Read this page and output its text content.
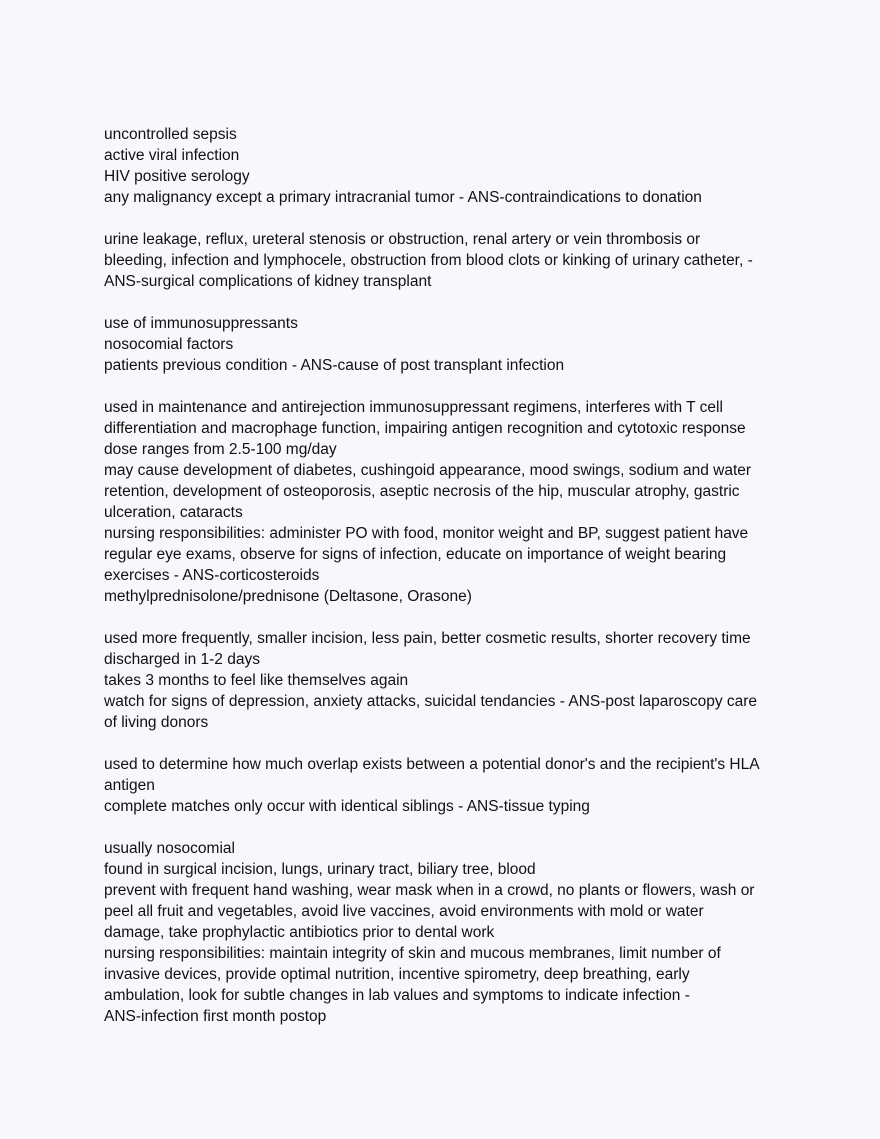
uncontrolled sepsis
active viral infection
HIV positive serology
any malignancy except a primary intracranial tumor - ANS-contraindications to donation
urine leakage, reflux, ureteral stenosis or obstruction, renal artery or vein thrombosis or
bleeding, infection and lymphocele, obstruction from blood clots or kinking of urinary catheter, -
ANS-surgical complications of kidney transplant
use of immunosuppressants
nosocomial factors
patients previous condition - ANS-cause of post transplant infection
used in maintenance and antirejection immunosuppressant regimens, interferes with T cell
differentiation and macrophage function, impairing antigen recognition and cytotoxic response
dose ranges from 2.5-100 mg/day
may cause development of diabetes, cushingoid appearance, mood swings, sodium and water
retention, development of osteoporosis, aseptic necrosis of the hip, muscular atrophy, gastric
ulceration, cataracts
nursing responsibilities: administer PO with food, monitor weight and BP, suggest patient have
regular eye exams, observe for signs of infection, educate on importance of weight bearing
exercises - ANS-corticosteroids
methylprednisolone/prednisone (Deltasone, Orasone)
used more frequently, smaller incision, less pain, better cosmetic results, shorter recovery time
discharged in 1-2 days
takes 3 months to feel like themselves again
watch for signs of depression, anxiety attacks, suicidal tendancies - ANS-post laparoscopy care
of living donors
used to determine how much overlap exists between a potential donor's and the recipient's HLA
antigen
complete matches only occur with identical siblings - ANS-tissue typing
usually nosocomial
found in surgical incision, lungs, urinary tract, biliary tree, blood
prevent with frequent hand washing, wear mask when in a crowd, no plants or flowers, wash or
peel all fruit and vegetables, avoid live vaccines, avoid environments with mold or water
damage, take prophylactic antibiotics prior to dental work
nursing responsibilities: maintain integrity of skin and mucous membranes, limit number of
invasive devices, provide optimal nutrition, incentive spirometry, deep breathing, early
ambulation, look for subtle changes in lab values and symptoms to indicate infection -
ANS-infection first month postop
